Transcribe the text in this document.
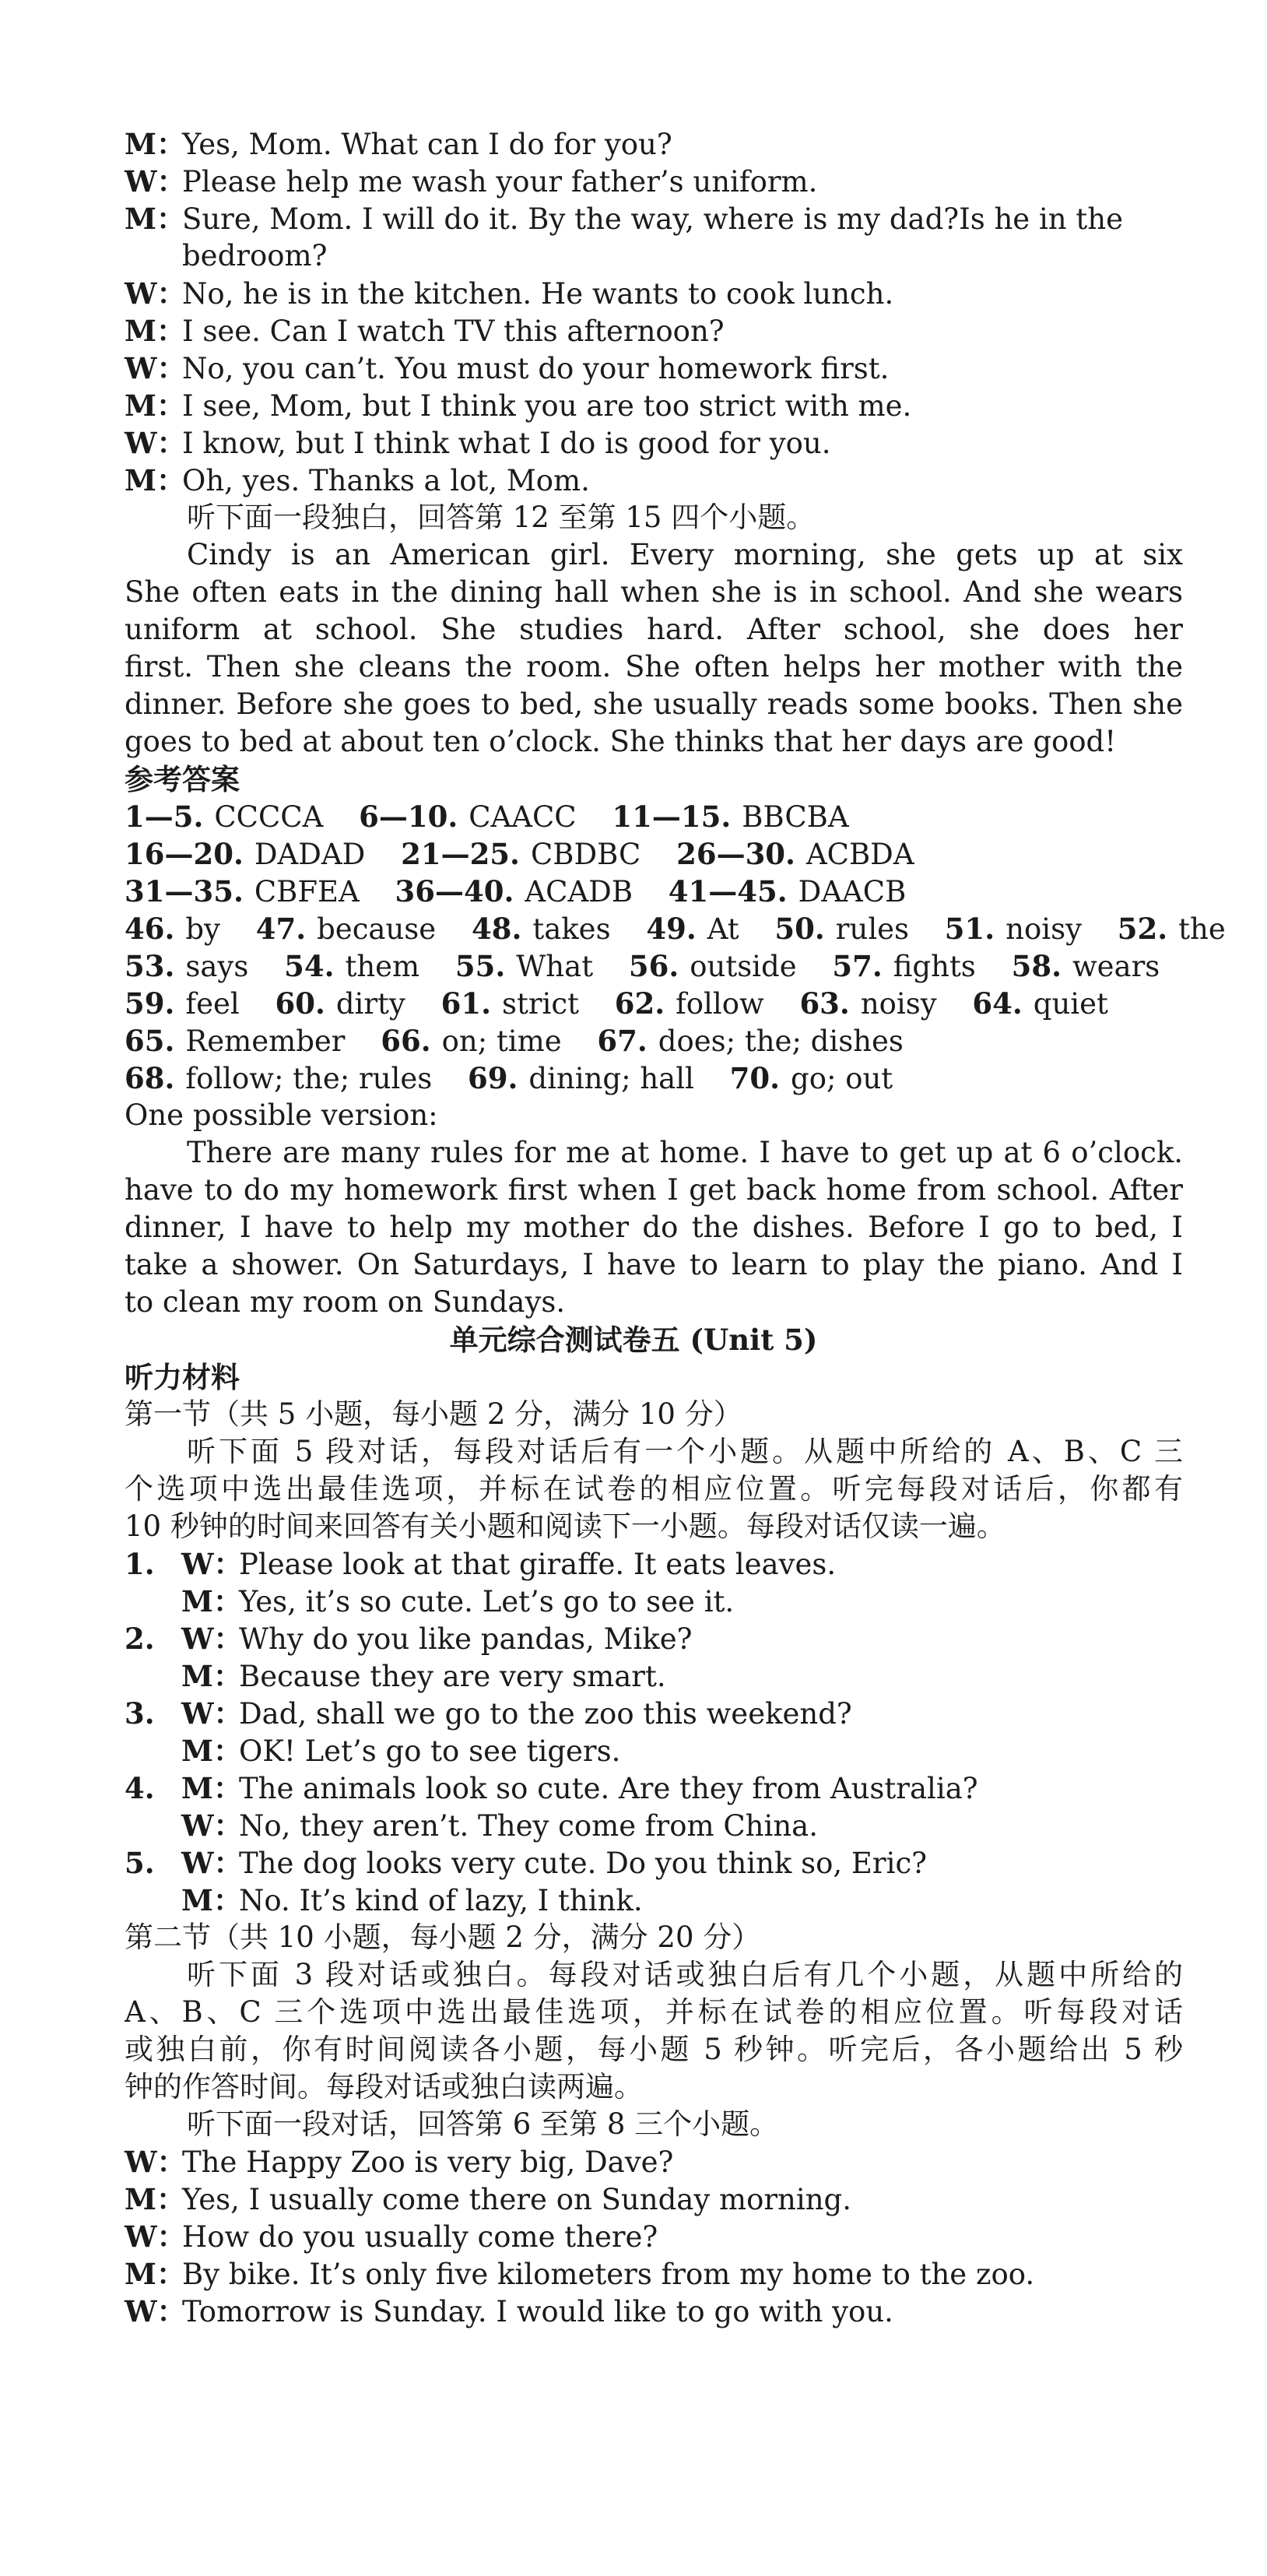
M：Yes, Mom. What can I do for you?
W：Please help me wash your father’s uniform.
M：Sure, Mom. I will do it. By the way, where is my dad?Is he in the
bedroom?
W：No, he is in the kitchen. He wants to cook lunch.
M：I see. Can I watch TV this afternoon?
W：No, you can’t. You must do your homework first.
M：I see, Mom, but I think you are too strict with me.
W：I know, but I think what I do is good for you.
M：Oh, yes. Thanks a lot, Mom.
听下面一段独白，回答第 12 至第 15 四个小题。
Cindy is an American girl. Every morning, she gets up at six
She often eats in the dining hall when she is in school. And she wears
uniform at school. She studies hard. After school, she does her
first. Then she cleans the room. She often helps her mother with the
dinner. Before she goes to bed, she usually reads some books. Then she
goes to bed at about ten o’clock. She thinks that her days are good!
参考答案
1—5. CCCCA 6—10. CAACC 11—15. BBCBA
16—20. DADAD 21—25. CBDBC 26—30. ACBDA
31—35. CBFEA 36—40. ACADB 41—45. DAACB
46. by 47. because 48. takes 49. At 50. rules 51. noisy 52. the
53. says 54. them 55. What 56. outside 57. fights 58. wears
59. feel 60. dirty 61. strict 62. follow 63. noisy 64. quiet
65. Remember 66. on; time 67. does; the; dishes
68. follow; the; rules 69. dining; hall 70. go; out
One possible version:
There are many rules for me at home. I have to get up at 6 o’clock.
have to do my homework first when I get back home from school. After
dinner, I have to help my mother do the dishes. Before I go to bed, I
take a shower. On Saturdays, I have to learn to play the piano. And I
to clean my room on Sundays.
单元综合测试卷五 (Unit 5)
听力材料
第一节（共 5 小题，每小题 2 分，满分 10 分）
听下面 5 段对话，每段对话后有一个小题。从题中所给的 A、B、C 三
个选项中选出最佳选项，并标在试卷的相应位置。听完每段对话后，你都有
10 秒钟的时间来回答有关小题和阅读下一小题。每段对话仅读一遍。
1. W：Please look at that giraffe. It eats leaves.
M：Yes, it’s so cute. Let’s go to see it.
2. W：Why do you like pandas, Mike?
M：Because they are very smart.
3. W：Dad, shall we go to the zoo this weekend?
M：OK! Let’s go to see tigers.
4. M：The animals look so cute. Are they from Australia?
W：No, they aren’t. They come from China.
5. W：The dog looks very cute. Do you think so, Eric?
M：No. It’s kind of lazy, I think.
第二节（共 10 小题，每小题 2 分，满分 20 分）
听下面 3 段对话或独白。每段对话或独白后有几个小题，从题中所给的
A、B、C 三个选项中选出最佳选项，并标在试卷的相应位置。听每段对话
或独白前，你有时间阅读各小题，每小题 5 秒钟。听完后，各小题给出 5 秒
钟的作答时间。每段对话或独白读两遍。
听下面一段对话，回答第 6 至第 8 三个小题。
W：The Happy Zoo is very big, Dave?
M：Yes, I usually come there on Sunday morning.
W：How do you usually come there?
M：By bike. It’s only five kilometers from my home to the zoo.
W：Tomorrow is Sunday. I would like to go with you.
